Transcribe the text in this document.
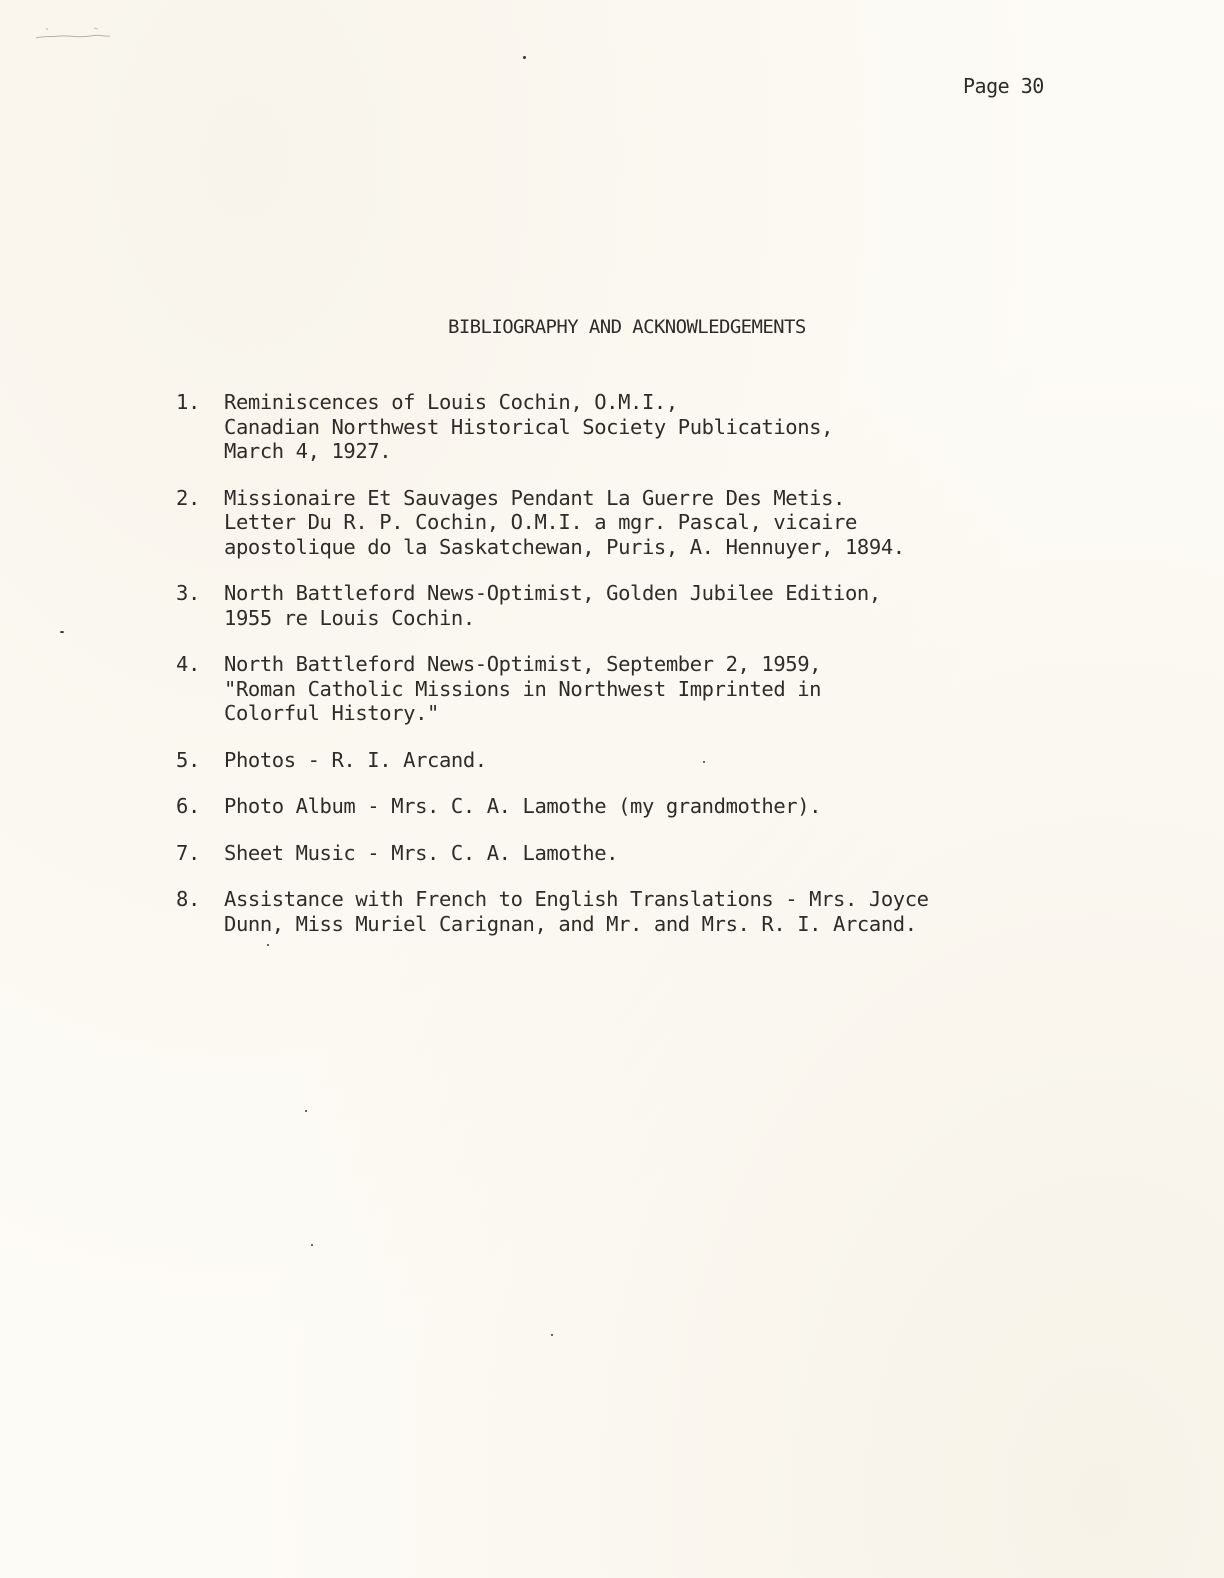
Page 30
BIBLIOGRAPHY AND ACKNOWLEDGEMENTS
1.	Reminiscences of Louis Cochin, O.M.I.,
Canadian Northwest Historical Society Publications,
March 4, 1927.
2.	Missionaire Et Sauvages Pendant La Guerre Des Metis.
Letter Du R. P. Cochin, O.M.I. a mgr. Pascal, vicaire
apostolique do la Saskatchewan, Puris, A. Hennuyer, 1894.
3.	North Battleford News-Optimist, Golden Jubilee Edition,
1955 re Louis Cochin.
4.	North Battleford News-Optimist, September 2, 1959,
"Roman Catholic Missions in Northwest Imprinted in
Colorful History."
5.	Photos - R. I. Arcand.
6.	Photo Album - Mrs. C. A. Lamothe (my grandmother).
7.	Sheet Music - Mrs. C. A. Lamothe.
8.	Assistance with French to English Translations - Mrs. Joyce
Dunn, Miss Muriel Carignan, and Mr. and Mrs. R. I. Arcand.
